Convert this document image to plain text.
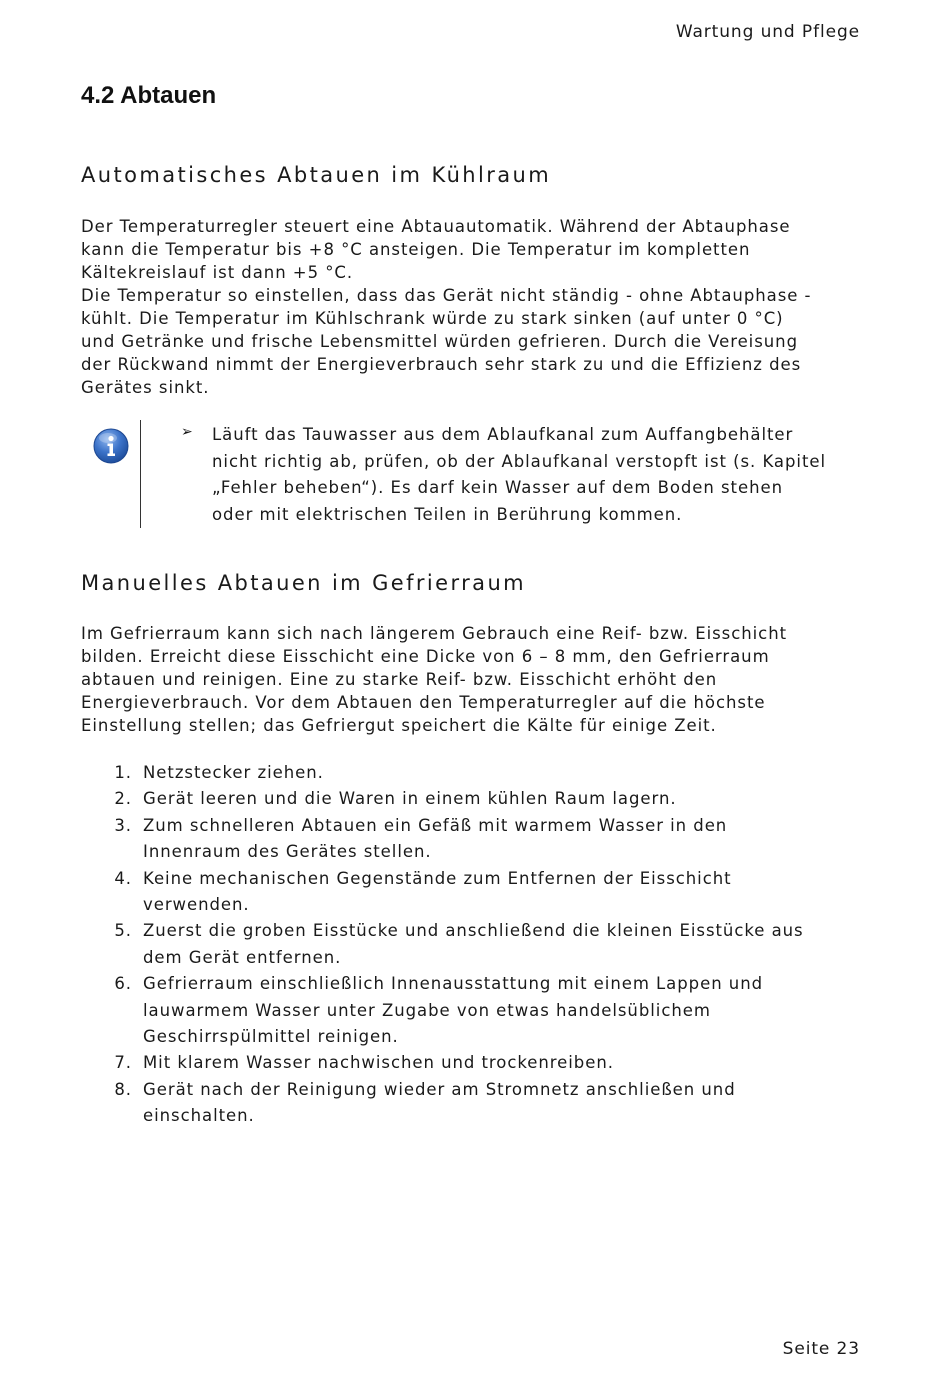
Wartung und Pflege
4.2 Abtauen
Automatisches Abtauen im Kühlraum

Der Temperaturregler steuert eine Abtauautomatik. Während der Abtauphase
kann die Temperatur bis +8 °C ansteigen. Die Temperatur im kompletten
Kältekreislauf ist dann +5 °C.
Die Temperatur so einstellen, dass das Gerät nicht ständig - ohne Abtauphase -
kühlt. Die Temperatur im Kühlschrank würde zu stark sinken (auf unter 0 °C)
und Getränke und frische Lebensmittel würden gefrieren. Durch die Vereisung
der Rückwand nimmt der Energieverbrauch sehr stark zu und die Effizienz des
Gerätes sinkt.

➢ Läuft das Tauwasser aus dem Ablaufkanal zum Auffangbehälter
nicht richtig ab, prüfen, ob der Ablaufkanal verstopft ist (s. Kapitel
„Fehler beheben“). Es darf kein Wasser auf dem Boden stehen
oder mit elektrischen Teilen in Berührung kommen.

Manuelles Abtauen im Gefrierraum

Im Gefrierraum kann sich nach längerem Gebrauch eine Reif- bzw. Eisschicht
bilden. Erreicht diese Eisschicht eine Dicke von 6 – 8 mm, den Gefrierraum
abtauen und reinigen. Eine zu starke Reif- bzw. Eisschicht erhöht den
Energieverbrauch. Vor dem Abtauen den Temperaturregler auf die höchste
Einstellung stellen; das Gefriergut speichert die Kälte für einige Zeit.

1. Netzstecker ziehen.
2. Gerät leeren und die Waren in einem kühlen Raum lagern.
3. Zum schnelleren Abtauen ein Gefäß mit warmem Wasser in den
Innenraum des Gerätes stellen.
4. Keine mechanischen Gegenstände zum Entfernen der Eisschicht
verwenden.
5. Zuerst die groben Eisstücke und anschließend die kleinen Eisstücke aus
dem Gerät entfernen.
6. Gefrierraum einschließlich Innenausstattung mit einem Lappen und
lauwarmem Wasser unter Zugabe von etwas handelsüblichem
Geschirrspülmittel reinigen.
7. Mit klarem Wasser nachwischen und trockenreiben.
8. Gerät nach der Reinigung wieder am Stromnetz anschließen und
einschalten.
Seite 23
